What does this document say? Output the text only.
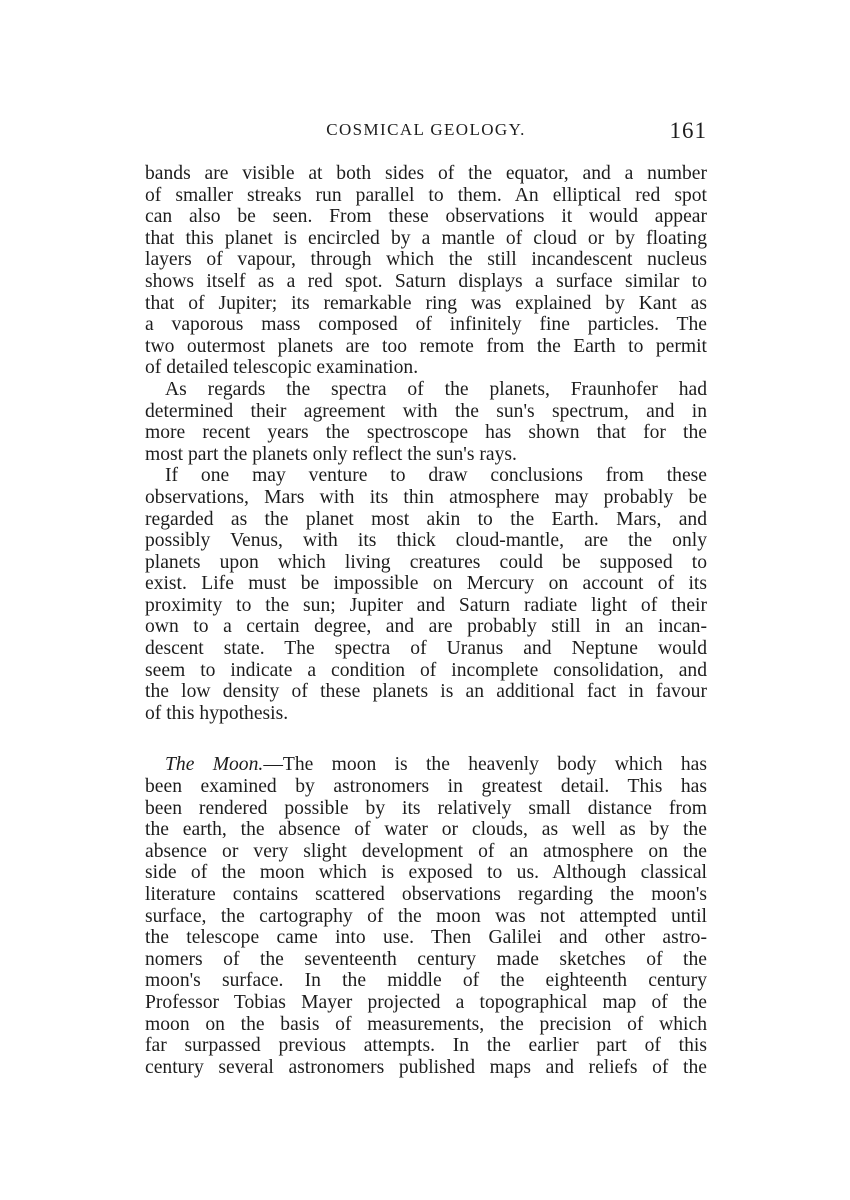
COSMICAL GEOLOGY.	161
bands are visible at both sides of the equator, and a number
of smaller streaks run parallel to them. An elliptical red spot
can also be seen. From these observations it would appear
that this planet is encircled by a mantle of cloud or by floating
layers of vapour, through which the still incandescent nucleus
shows itself as a red spot. Saturn displays a surface similar to
that of Jupiter; its remarkable ring was explained by Kant as
a vaporous mass composed of infinitely fine particles. The
two outermost planets are too remote from the Earth to permit
of detailed telescopic examination.
As regards the spectra of the planets, Fraunhofer had
determined their agreement with the sun's spectrum, and in
more recent years the spectroscope has shown that for the
most part the planets only reflect the sun's rays.
If one may venture to draw conclusions from these
observations, Mars with its thin atmosphere may probably be
regarded as the planet most akin to the Earth. Mars, and
possibly Venus, with its thick cloud-mantle, are the only
planets upon which living creatures could be supposed to
exist. Life must be impossible on Mercury on account of its
proximity to the sun; Jupiter and Saturn radiate light of their
own to a certain degree, and are probably still in an incan-
descent state. The spectra of Uranus and Neptune would
seem to indicate a condition of incomplete consolidation, and
the low density of these planets is an additional fact in favour
of this hypothesis.
The Moon.—The moon is the heavenly body which has
been examined by astronomers in greatest detail. This has
been rendered possible by its relatively small distance from
the earth, the absence of water or clouds, as well as by the
absence or very slight development of an atmosphere on the
side of the moon which is exposed to us. Although classical
literature contains scattered observations regarding the moon's
surface, the cartography of the moon was not attempted until
the telescope came into use. Then Galilei and other astro-
nomers of the seventeenth century made sketches of the
moon's surface. In the middle of the eighteenth century
Professor Tobias Mayer projected a topographical map of the
moon on the basis of measurements, the precision of which
far surpassed previous attempts. In the earlier part of this
century several astronomers published maps and reliefs of the
